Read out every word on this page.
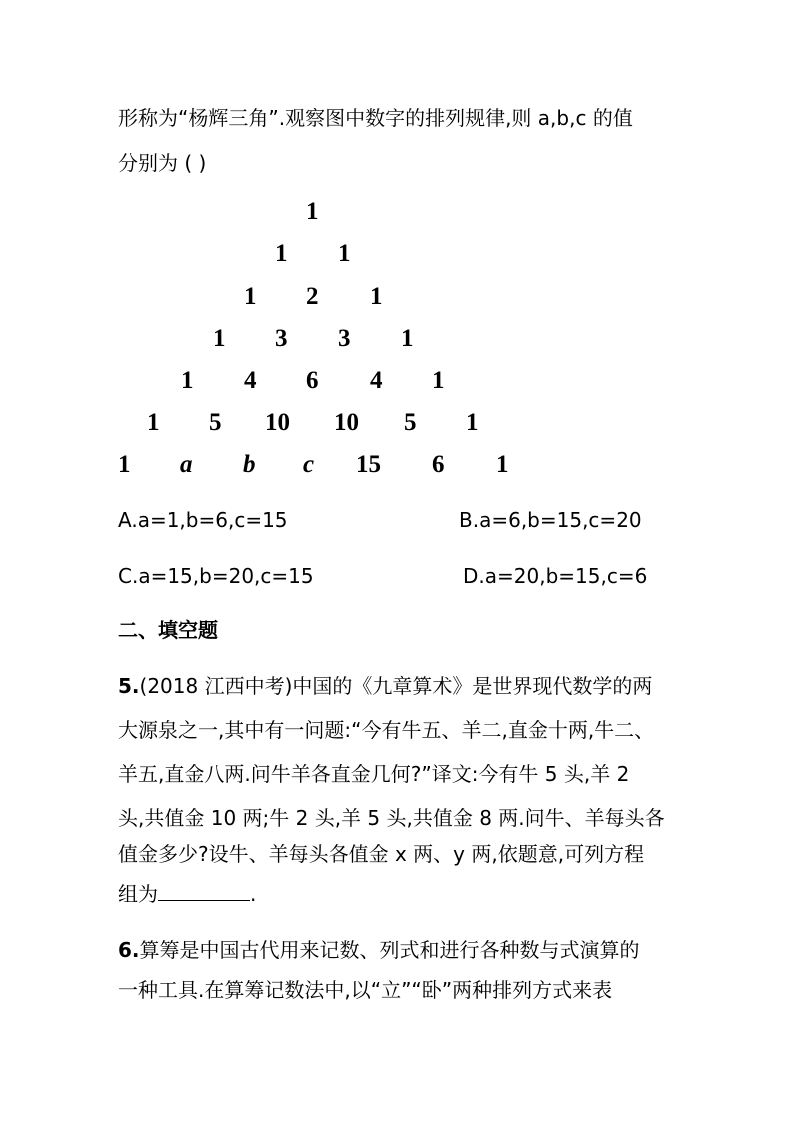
形称为“杨辉三角”.观察图中数字的排列规律,则 a,b,c 的值
分别为 ( )
1
1 1
1 2 1
1 3 3 1
1 4 6 4 1
1 5 10 10 5 1
1 a b c 15 6 1
A.a=1,b=6,c=15	B.a=6,b=15,c=20
C.a=15,b=20,c=15	D.a=20,b=15,c=6
二、填空题
5.(2018 江西中考)中国的《九章算术》是世界现代数学的两
大源泉之一,其中有一问题:“今有牛五、羊二,直金十两,牛二、
羊五,直金八两.问牛羊各直金几何?”译文:今有牛 5 头,羊 2
头,共值金 10 两;牛 2 头,羊 5 头,共值金 8 两.问牛、羊每头各
值金多少?设牛、羊每头各值金 x 两、y 两,依题意,可列方程
组为	.
6.算筹是中国古代用来记数、列式和进行各种数与式演算的
一种工具.在算筹记数法中,以“立”“卧”两种排列方式来表
